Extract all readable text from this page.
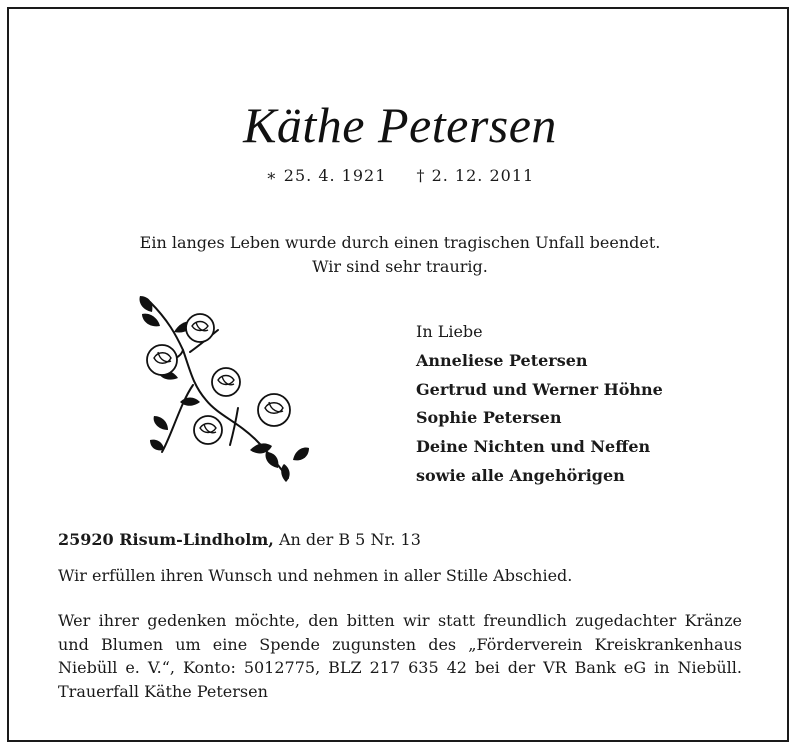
Käthe Petersen
∗ 25. 4. 1921 † 2. 12. 2011
Ein langes Leben wurde durch einen tragischen Unfall beendet.
Wir sind sehr traurig.
In Liebe
Anneliese Petersen
Gertrud und Werner Höhne
Sophie Petersen
Deine Nichten und Neffen
sowie alle Angehörigen
25920 Risum-Lindholm, An der B 5 Nr. 13
Wir erfüllen ihren Wunsch und nehmen in aller Stille Abschied.
Wer ihrer gedenken möchte, den bitten wir statt freundlich zugedachter Kränze
und Blumen um eine Spende zugunsten des „Förderverein Kreiskrankenhaus
Niebüll e. V.“, Konto: 5012775, BLZ 217 635 42 bei der VR Bank eG in Niebüll.
Trauerfall Käthe Petersen
